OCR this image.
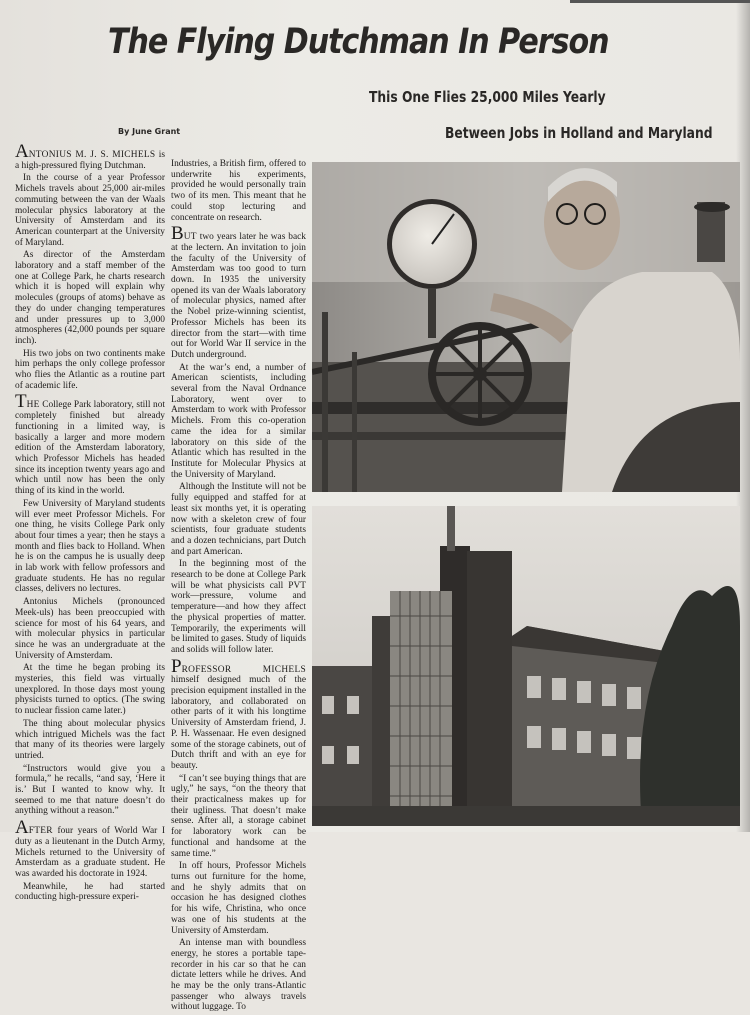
The Flying Dutchman In Person
This One Flies 25,000 Miles Yearly
Between Jobs in Holland and Maryland
By June Grant

ANTONIUS M. J. S. MICHELS is a high-pressured flying Dutchman.

In the course of a year Professor Michels travels about 25,000 air-miles commuting between the van der Waals molecular physics laboratory at the University of Amsterdam and its American counterpart at the University of Maryland.

As director of the Amsterdam laboratory and a staff member of the one at College Park, he charts research which it is hoped will explain why molecules (groups of atoms) behave as they do under changing temperatures and under pressures up to 3,000 atmospheres (42,000 pounds per square inch).

His two jobs on two continents make him perhaps the only college professor who flies the Atlantic as a routine part of academic life.

THE College Park laboratory, still not completely finished but already functioning in a limited way, is basically a larger and more modern edition of the Amsterdam laboratory, which Professor Michels has headed since its inception twenty years ago and which until now has been the only thing of its kind in the world.

Few University of Maryland students will ever meet Professor Michels. For one thing, he visits College Park only about four times a year; then he stays a month and flies back to Holland. When he is on the campus he is usually deep in lab work with fellow professors and graduate students. He has no regular classes, delivers no lectures.

Antonius Michels (pronounced Meek-uls) has been preoccupied with science for most of his 64 years, and with molecular physics in particular since he was an undergraduate at the University of Amsterdam.

At the time he began probing its mysteries, this field was virtually unexplored. In those days most young physicists turned to optics. (The swing to nuclear fission came later.)

The thing about molecular physics which intrigued Michels was the fact that many of its theories were largely untried.

“Instructors would give you a formula,” he recalls, “and say, ‘Here it is.’ But I wanted to know why. It seemed to me that nature doesn’t do anything without a reason.”

AFTER four years of World War I duty as a lieutenant in the Dutch Army, Michels returned to the University of Amsterdam as a graduate student. He was awarded his doctorate in 1924.

Meanwhile, he had started conducting high-pressure experi-

Industries, a British firm, offered to underwrite his experiments, provided he would personally train two of its men. This meant that he could stop lecturing and concentrate on research.

BUT two years later he was back at the lectern. An invitation to join the faculty of the University of Amsterdam was too good to turn down. In 1935 the university opened its van der Waals laboratory of molecular physics, named after the Nobel prize-winning scientist, Professor Michels has been its director from the start—with time out for World War II service in the Dutch underground.

At the war’s end, a number of American scientists, including several from the Naval Ordnance Laboratory, went over to Amsterdam to work with Professor Michels. From this co-operation came the idea for a similar laboratory on this side of the Atlantic which has resulted in the Institute for Molecular Physics at the University of Maryland.

Although the Institute will not be fully equipped and staffed for at least six months yet, it is operating now with a skeleton crew of four scientists, four graduate students and a dozen technicians, part Dutch and part American.

In the beginning most of the research to be done at College Park will be what physicists call PVT work—pressure, volume and temperature—and how they affect the physical properties of matter. Temporarily, the experiments will be limited to gases. Study of liquids and solids will follow later.

PROFESSOR MICHELS himself designed much of the precision equipment installed in the laboratory, and collaborated on other parts of it with his longtime University of Amsterdam friend, J. P. H. Wassenaar. He even designed some of the storage cabinets, out of Dutch thrift and with an eye for beauty.

“I can’t see buying things that are ugly,” he says, “on the theory that their practicalness makes up for their ugliness. That doesn’t make sense. After all, a storage cabinet for laboratory work can be functional and handsome at the same time.”

In off hours, Professor Michels turns out furniture for the home, and he shyly admits that on occasion he has designed clothes for his wife, Christina, who once was one of his students at the University of Amsterdam.

An intense man with boundless energy, he stores a portable tape-recorder in his car so that he can dictate letters while he drives. And he may be the only trans-Atlantic passenger who always travels without luggage. To
